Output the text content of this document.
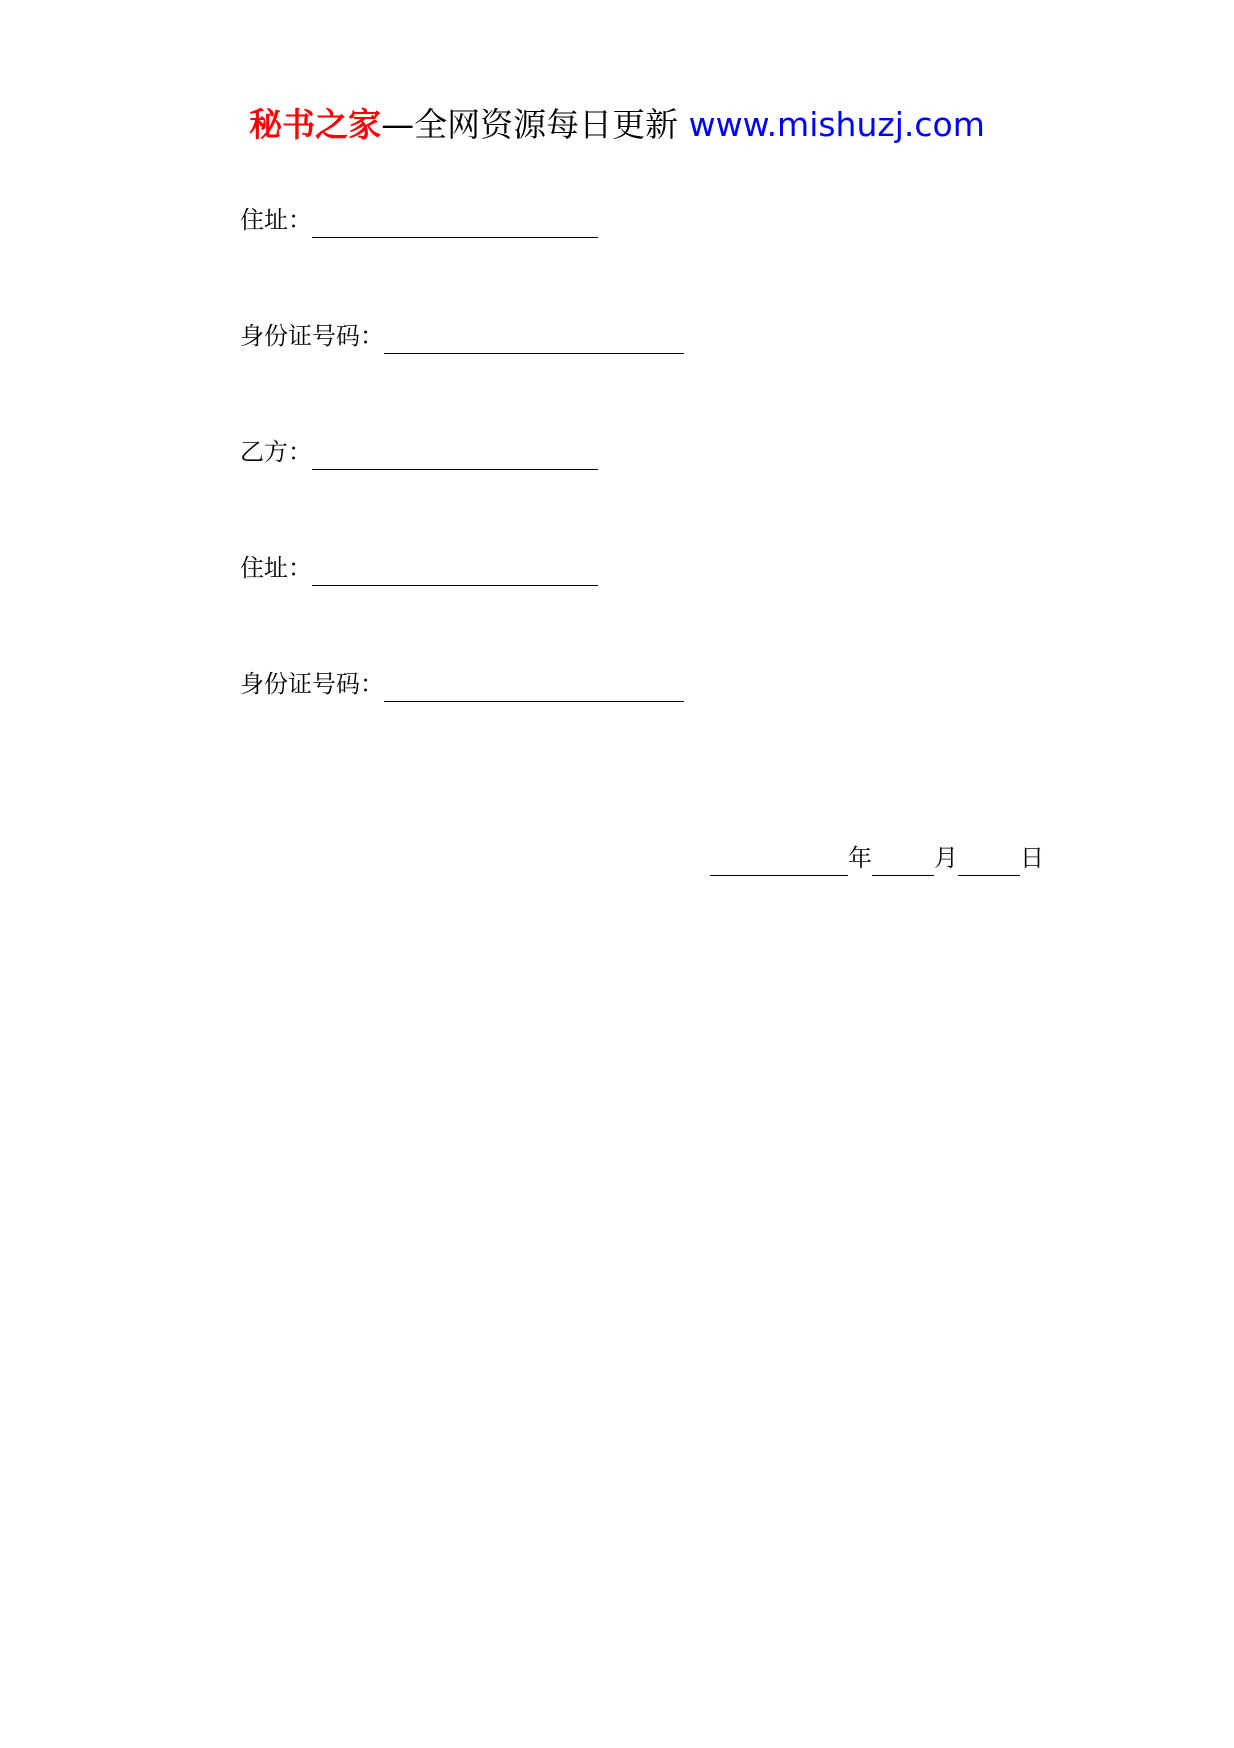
秘书之家—全网资源每日更新 www.mishuzj.com
住址：
身份证号码：
乙方：
住址：
身份证号码：
年	月	日
